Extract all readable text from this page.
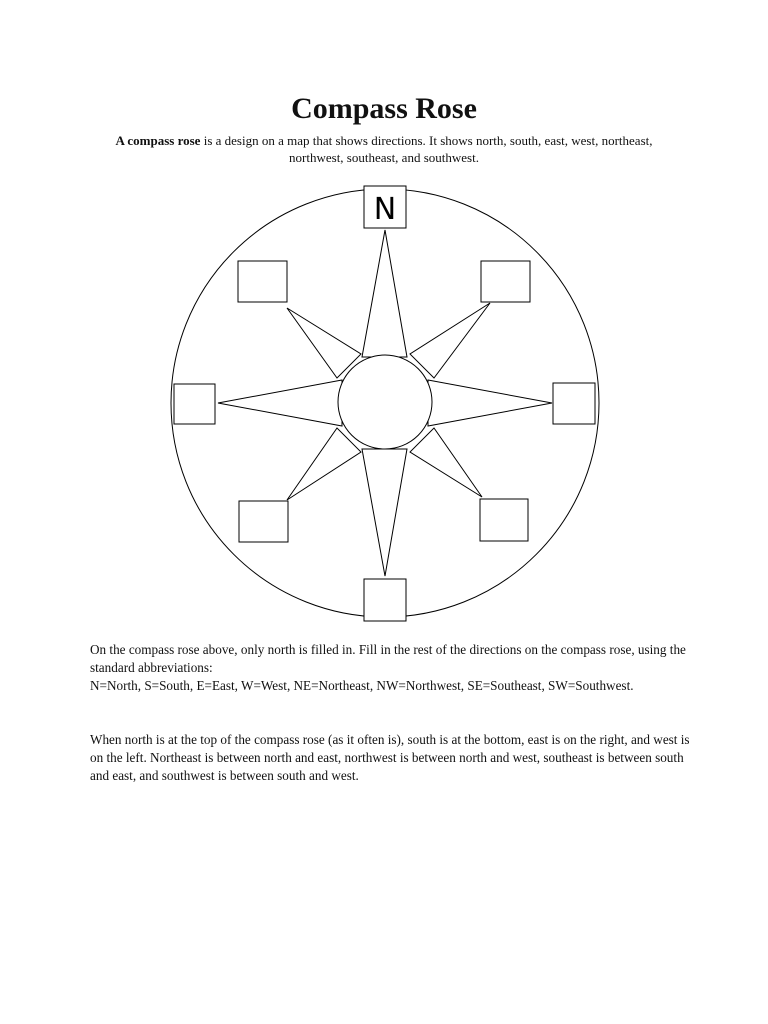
Compass Rose

A compass rose is a design on a map that shows directions. It shows north, south, east, west, northeast, northwest, southeast, and southwest.

N
On the compass rose above, only north is filled in. Fill in the rest of the directions on the compass rose, using the standard abbreviations:
N=North, S=South, E=East, W=West, NE=Northeast, NW=Northwest, SE=Southeast, SW=Southwest.

When north is at the top of the compass rose (as it often is), south is at the bottom, east is on the right, and west is on the left. Northeast is between north and east, northwest is between north and west, southeast is between south and east, and southwest is between south and west.
